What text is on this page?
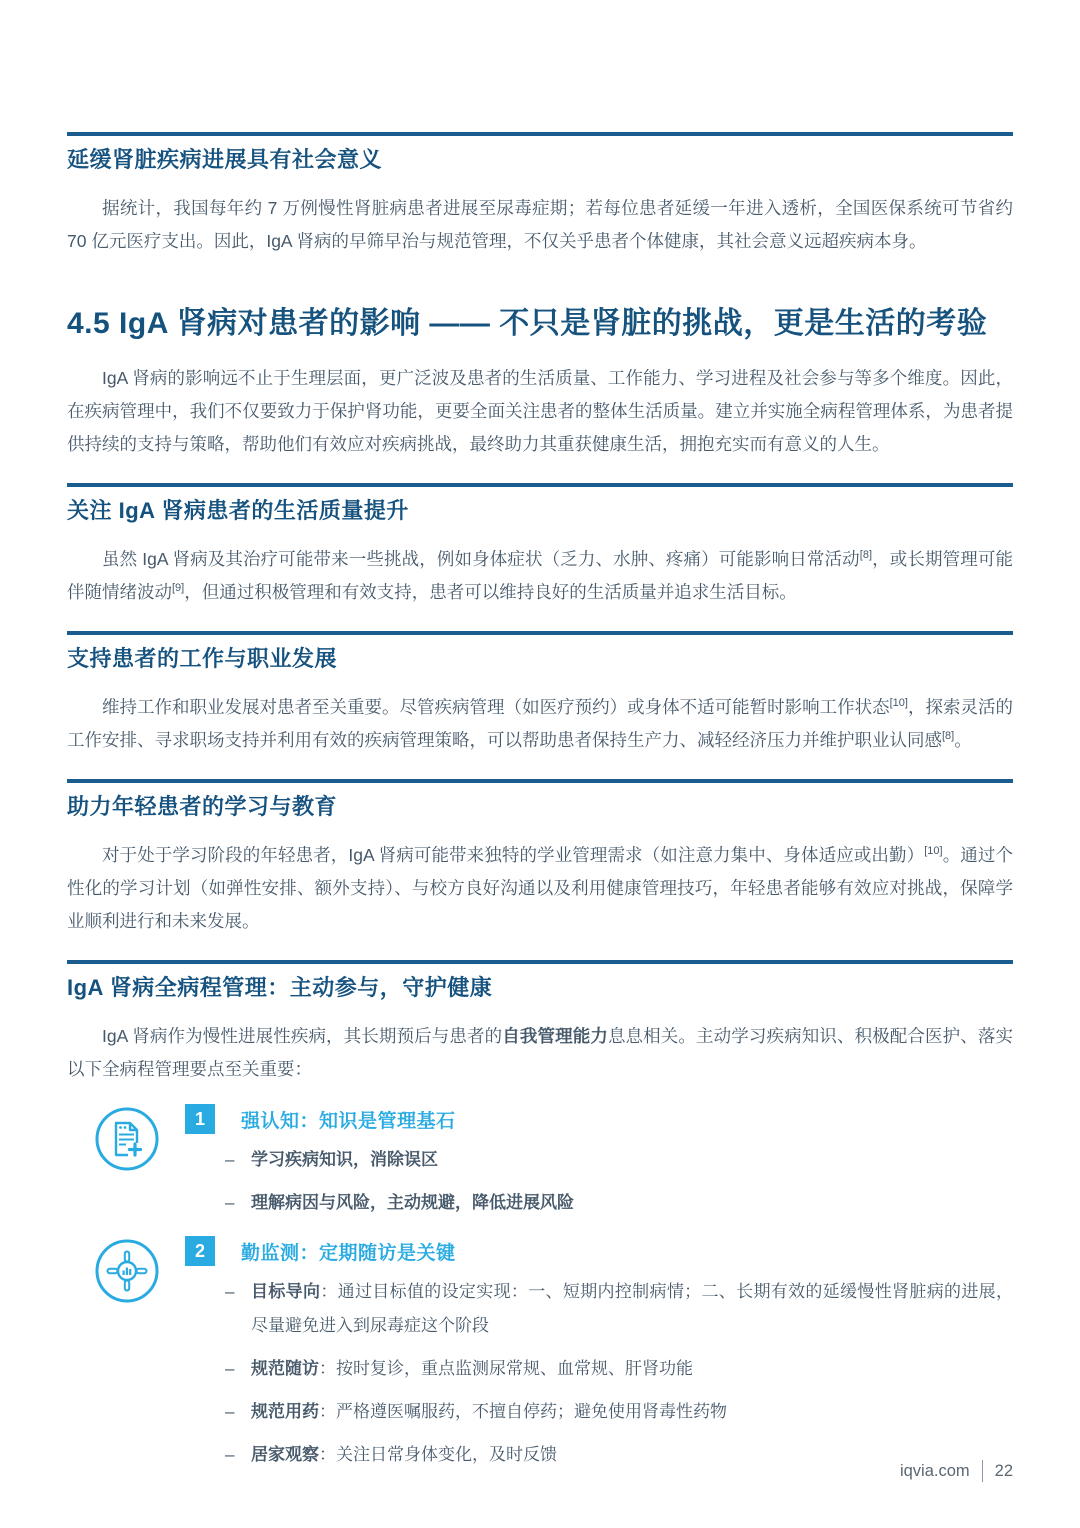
延缓肾脏疾病进展具有社会意义

据统计，我国每年约 7 万例慢性肾脏病患者进展至尿毒症期；若每位患者延缓一年进入透析，全国医保系统可节省约 70 亿元医疗支出。因此，IgA 肾病的早筛早治与规范管理，不仅关乎患者个体健康，其社会意义远超疾病本身。

4.5 IgA 肾病对患者的影响 —— 不只是肾脏的挑战，更是生活的考验

IgA 肾病的影响远不止于生理层面，更广泛波及患者的生活质量、工作能力、学习进程及社会参与等多个维度。因此，在疾病管理中，我们不仅要致力于保护肾功能，更要全面关注患者的整体生活质量。建立并实施全病程管理体系，为患者提供持续的支持与策略，帮助他们有效应对疾病挑战，最终助力其重获健康生活，拥抱充实而有意义的人生。

关注 IgA 肾病患者的生活质量提升

虽然 IgA 肾病及其治疗可能带来一些挑战，例如身体症状（乏力、水肿、疼痛）可能影响日常活动[8]，或长期管理可能伴随情绪波动[9]，但通过积极管理和有效支持，患者可以维持良好的生活质量并追求生活目标。

支持患者的工作与职业发展

维持工作和职业发展对患者至关重要。尽管疾病管理（如医疗预约）或身体不适可能暂时影响工作状态[10]，探索灵活的工作安排、寻求职场支持并利用有效的疾病管理策略，可以帮助患者保持生产力、减轻经济压力并维护职业认同感[8]。

助力年轻患者的学习与教育

对于处于学习阶段的年轻患者，IgA 肾病可能带来独特的学业管理需求（如注意力集中、身体适应或出勤）[10]。通过个性化的学习计划（如弹性安排、额外支持）、与校方良好沟通以及利用健康管理技巧，年轻患者能够有效应对挑战，保障学业顺利进行和未来发展。

IgA 肾病全病程管理：主动参与，守护健康

IgA 肾病作为慢性进展性疾病，其长期预后与患者的自我管理能力息息相关。主动学习疾病知识、积极配合医护、落实以下全病程管理要点至关重要：

1	强认知：知识是管理基石
– 学习疾病知识，消除误区
– 理解病因与风险，主动规避，降低进展风险
2	勤监测：定期随访是关键
– 目标导向：通过目标值的设定实现：一、短期内控制病情；二、长期有效的延缓慢性肾脏病的进展，尽量避免进入到尿毒症这个阶段
– 规范随访：按时复诊，重点监测尿常规、血常规、肝肾功能
– 规范用药：严格遵医嘱服药，不擅自停药；避免使用肾毒性药物
– 居家观察：关注日常身体变化，及时反馈
iqvia.com 22
